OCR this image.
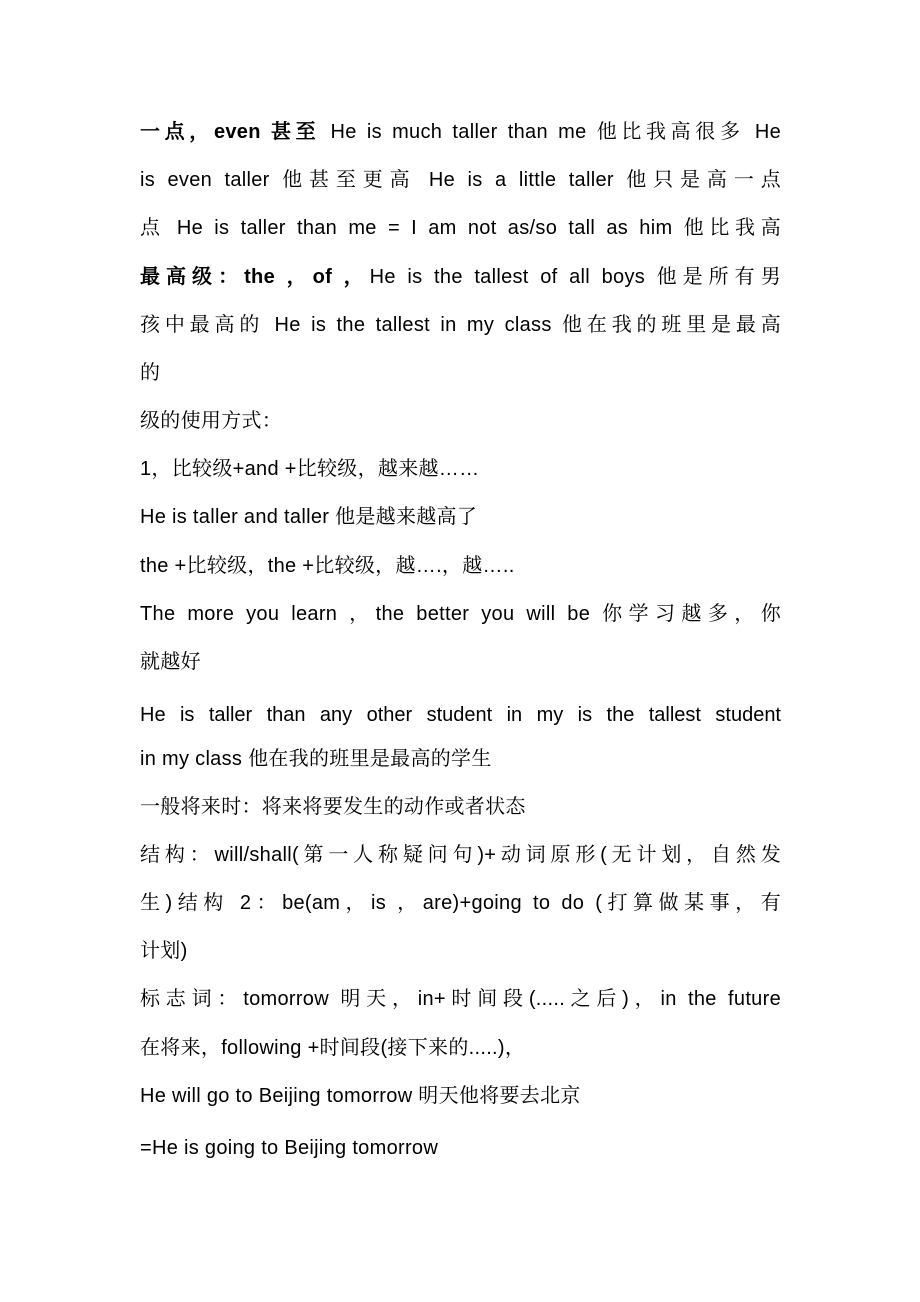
一点，even 甚至 He is much taller than me 他比我高很多 He
is even taller 他甚至更高 He is a little taller 他只是高一点
点 He is taller than me = I am not as/so tall as him 他比我高
最高级：the ，of ，He is the tallest of all boys 他是所有男
孩中最高的 He is the tallest in my class 他在我的班里是最高
的
级的使用方式：
1，比较级+and +比较级，越来越……
He is taller and taller 他是越来越高了
the +比较级，the +比较级，越….，越…..
The more you learn ，the better you will be 你学习越多，你
就越好
He is taller than any other student in my is the tallest student
in my class 他在我的班里是最高的学生
一般将来时：将来将要发生的动作或者状态
结构：will/shall(第一人称疑问句)+动词原形(无计划，自然发
生)结构 2：be(am，is ，are)+going to do (打算做某事，有
计划)
标志词：tomorrow 明天，in+时间段(.....之后)，in the future
在将来，following +时间段(接下来的.....)，
He will go to Beijing tomorrow 明天他将要去北京
=He is going to Beijing tomorrow
